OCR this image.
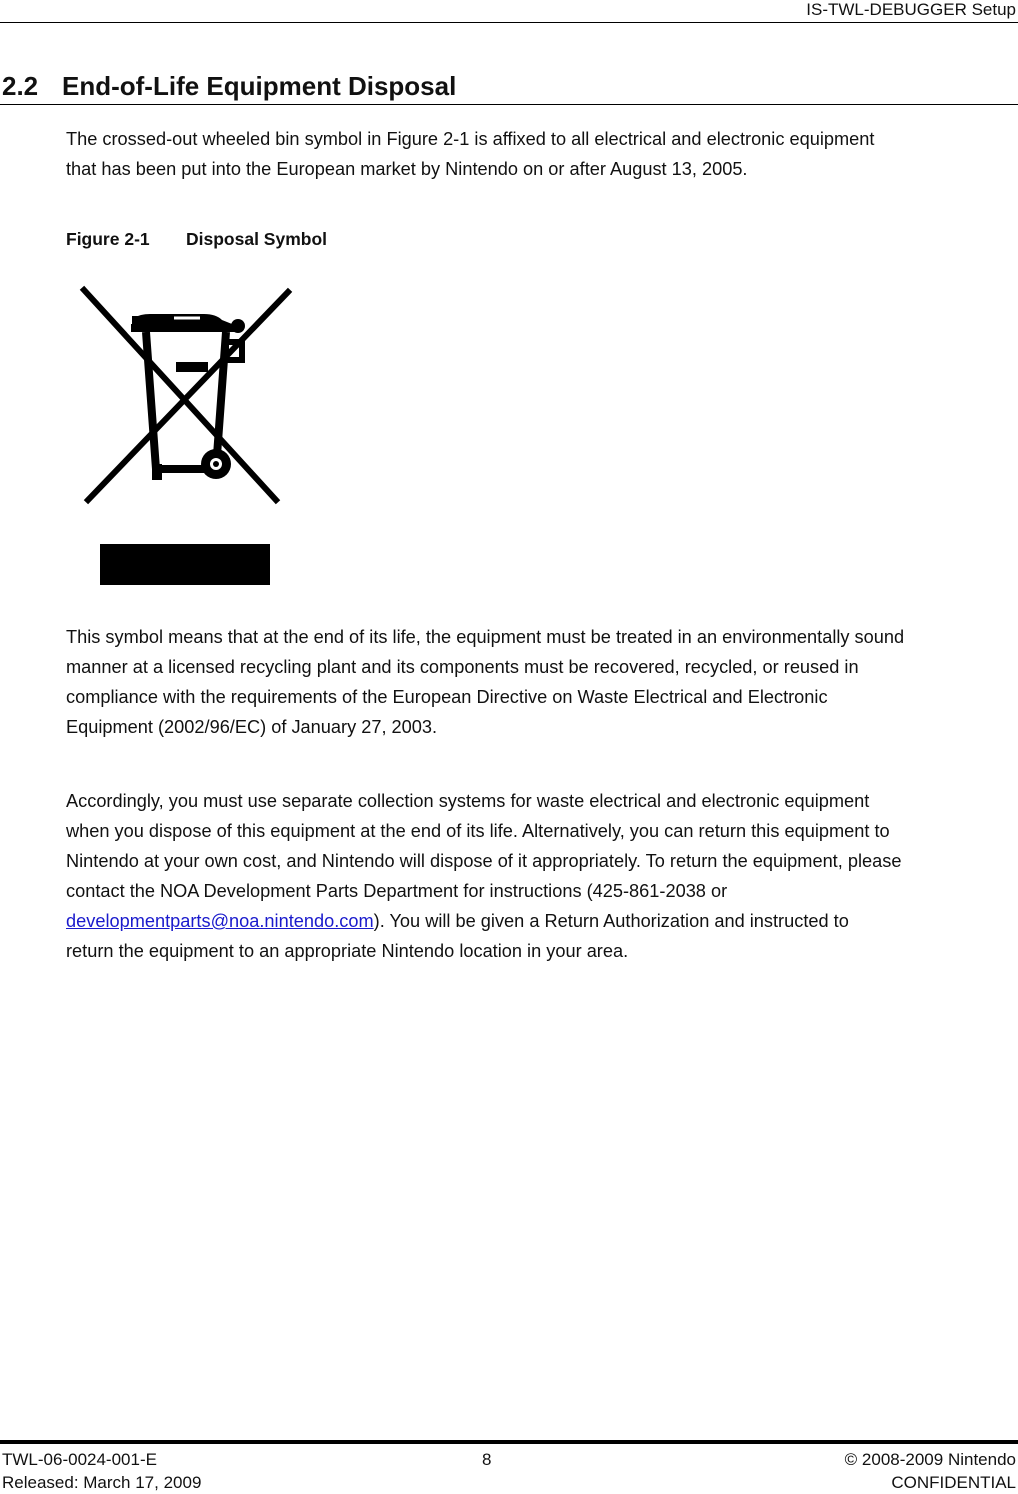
IS-TWL-DEBUGGER Setup
2.2 End-of-Life Equipment Disposal
The crossed-out wheeled bin symbol in Figure 2-1 is affixed to all electrical and electronic equipment
that has been put into the European market by Nintendo on or after August 13, 2005.
Figure 2-1 Disposal Symbol
This symbol means that at the end of its life, the equipment must be treated in an environmentally sound
manner at a licensed recycling plant and its components must be recovered, recycled, or reused in
compliance with the requirements of the European Directive on Waste Electrical and Electronic
Equipment (2002/96/EC) of January 27, 2003.
Accordingly, you must use separate collection systems for waste electrical and electronic equipment
when you dispose of this equipment at the end of its life. Alternatively, you can return this equipment to
Nintendo at your own cost, and Nintendo will dispose of it appropriately. To return the equipment, please
contact the NOA Development Parts Department for instructions (425-861-2038 or
developmentparts@noa.nintendo.com). You will be given a Return Authorization and instructed to
return the equipment to an appropriate Nintendo location in your area.
TWL-06-0024-001-E
Released: March 17, 2009
8	© 2008-2009 Nintendo
CONFIDENTIAL
